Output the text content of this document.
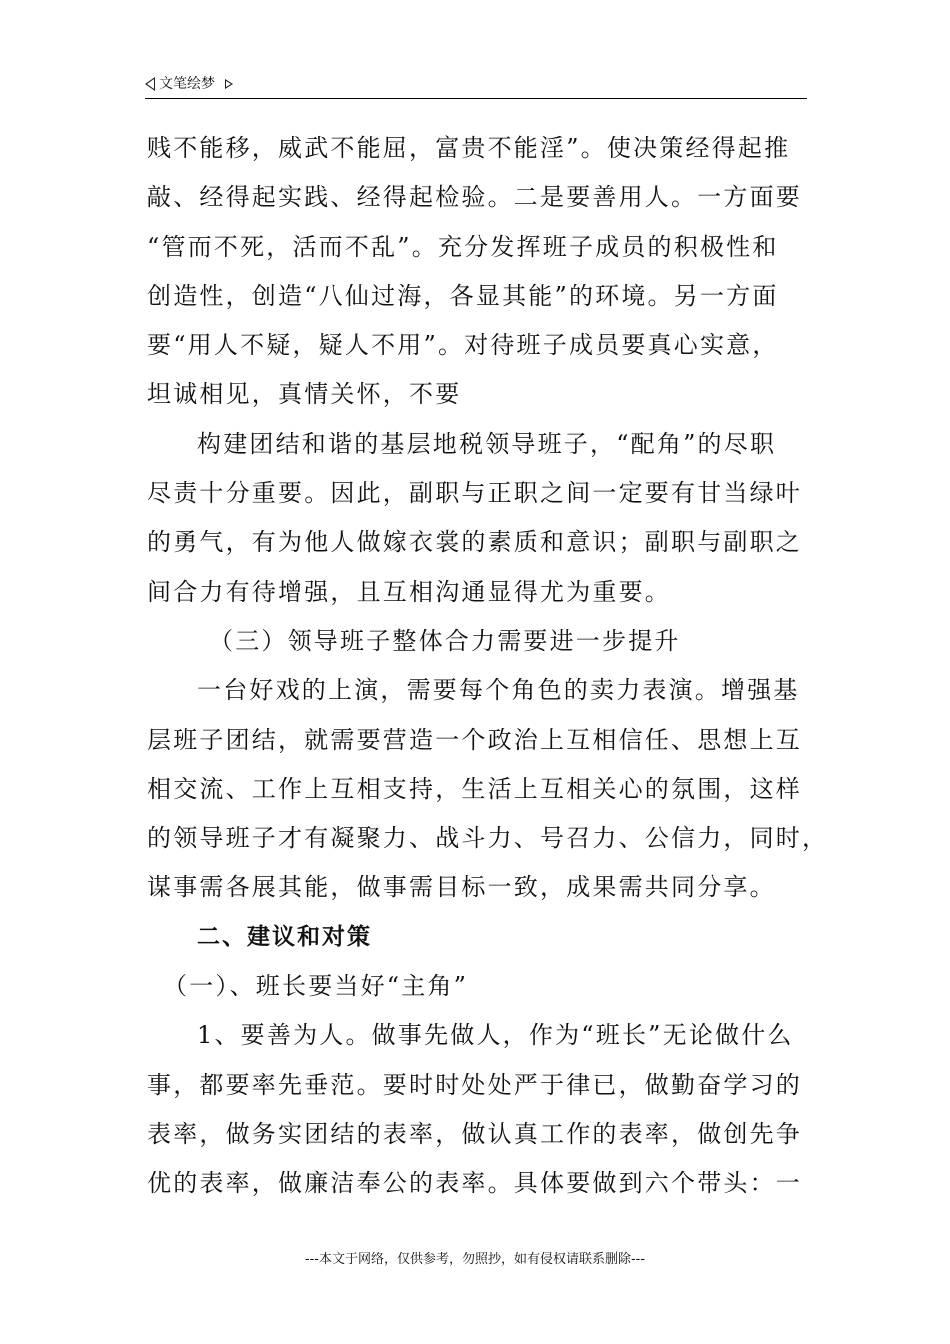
文笔绘梦

贱不能移，威武不能屈，富贵不能淫”。使决策经得起推

敲、经得起实践、经得起检验。二是要善用人。一方面要

“管而不死，活而不乱”。充分发挥班子成员的积极性和

创造性，创造“八仙过海，各显其能”的环境。另一方面

要“用人不疑，疑人不用”。对待班子成员要真心实意，

坦诚相见，真情关怀，不要

构建团结和谐的基层地税领导班子，“配角”的尽职

尽责十分重要。因此，副职与正职之间一定要有甘当绿叶

的勇气，有为他人做嫁衣裳的素质和意识；副职与副职之

间合力有待增强，且互相沟通显得尤为重要。

（三）领导班子整体合力需要进一步提升

一台好戏的上演，需要每个角色的卖力表演。增强基

层班子团结，就需要营造一个政治上互相信任、思想上互

相交流、工作上互相支持，生活上互相关心的氛围，这样

的领导班子才有凝聚力、战斗力、号召力、公信力，同时，

谋事需各展其能，做事需目标一致，成果需共同分享。

二、建议和对策

（一）、班长要当好“主角”

1、要善为人。做事先做人，作为“班长”无论做什么

事，都要率先垂范。要时时处处严于律已，做勤奋学习的

表率，做务实团结的表率，做认真工作的表率，做创先争

优的表率，做廉洁奉公的表率。具体要做到六个带头：一

---本文于网络，仅供参考，勿照抄，如有侵权请联系删除---
